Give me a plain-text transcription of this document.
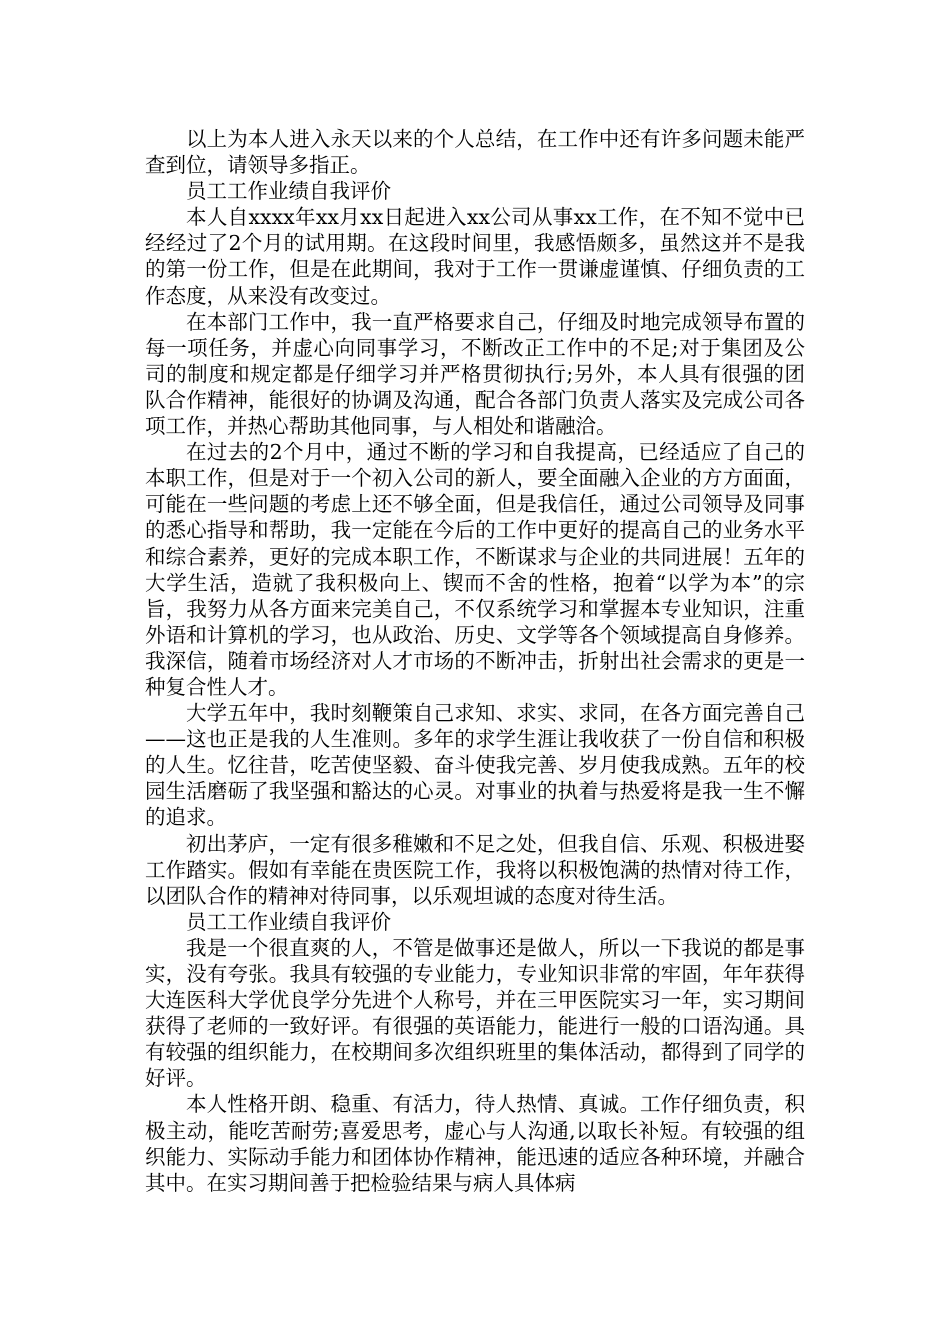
以上为本人进入永天以来的个人总结，在工作中还有许多问题未能严查到位，请领导多指正。

员工工作业绩自我评价

本人自xxxx年xx月xx日起进入xx公司从事xx工作，在不知不觉中已经经过了2个月的试用期。在这段时间里，我感悟颇多，虽然这并不是我的第一份工作，但是在此期间，我对于工作一贯谦虚谨慎、仔细负责的工作态度，从来没有改变过。

在本部门工作中，我一直严格要求自己，仔细及时地完成领导布置的每一项任务，并虚心向同事学习，不断改正工作中的不足;对于集团及公司的制度和规定都是仔细学习并严格贯彻执行;另外，本人具有很强的团队合作精神，能很好的协调及沟通，配合各部门负责人落实及完成公司各项工作，并热心帮助其他同事，与人相处和谐融洽。

在过去的2个月中，通过不断的学习和自我提高，已经适应了自己的本职工作，但是对于一个初入公司的新人，要全面融入企业的方方面面，可能在一些问题的考虑上还不够全面，但是我信任，通过公司领导及同事的悉心指导和帮助，我一定能在今后的工作中更好的提高自己的业务水平和综合素养，更好的完成本职工作，不断谋求与企业的共同进展！五年的大学生活，造就了我积极向上、锲而不舍的性格，抱着“以学为本”的宗旨，我努力从各方面来完美自己，不仅系统学习和掌握本专业知识，注重外语和计算机的学习，也从政治、历史、文学等各个领域提高自身修养。我深信，随着市场经济对人才市场的不断冲击，折射出社会需求的更是一种复合性人才。

大学五年中，我时刻鞭策自己求知、求实、求同，在各方面完善自己——这也正是我的人生准则。多年的求学生涯让我收获了一份自信和积极的人生。忆往昔，吃苦使坚毅、奋斗使我完善、岁月使我成熟。五年的校园生活磨砺了我坚强和豁达的心灵。对事业的执着与热爱将是我一生不懈的追求。

初出茅庐，一定有很多稚嫩和不足之处，但我自信、乐观、积极进娶工作踏实。假如有幸能在贵医院工作，我将以积极饱满的热情对待工作，以团队合作的精神对待同事，以乐观坦诚的态度对待生活。

员工工作业绩自我评价

我是一个很直爽的人，不管是做事还是做人，所以一下我说的都是事实，没有夸张。我具有较强的专业能力，专业知识非常的牢固，年年获得大连医科大学优良学分先进个人称号，并在三甲医院实习一年，实习期间获得了老师的一致好评。有很强的英语能力，能进行一般的口语沟通。具有较强的组织能力，在校期间多次组织班里的集体活动，都得到了同学的好评。

本人性格开朗、稳重、有活力，待人热情、真诚。工作仔细负责，积极主动，能吃苦耐劳;喜爱思考，虚心与人沟通,以取长补短。有较强的组织能力、实际动手能力和团体协作精神，能迅速的适应各种环境，并融合其中。在实习期间善于把检验结果与病人具体病
